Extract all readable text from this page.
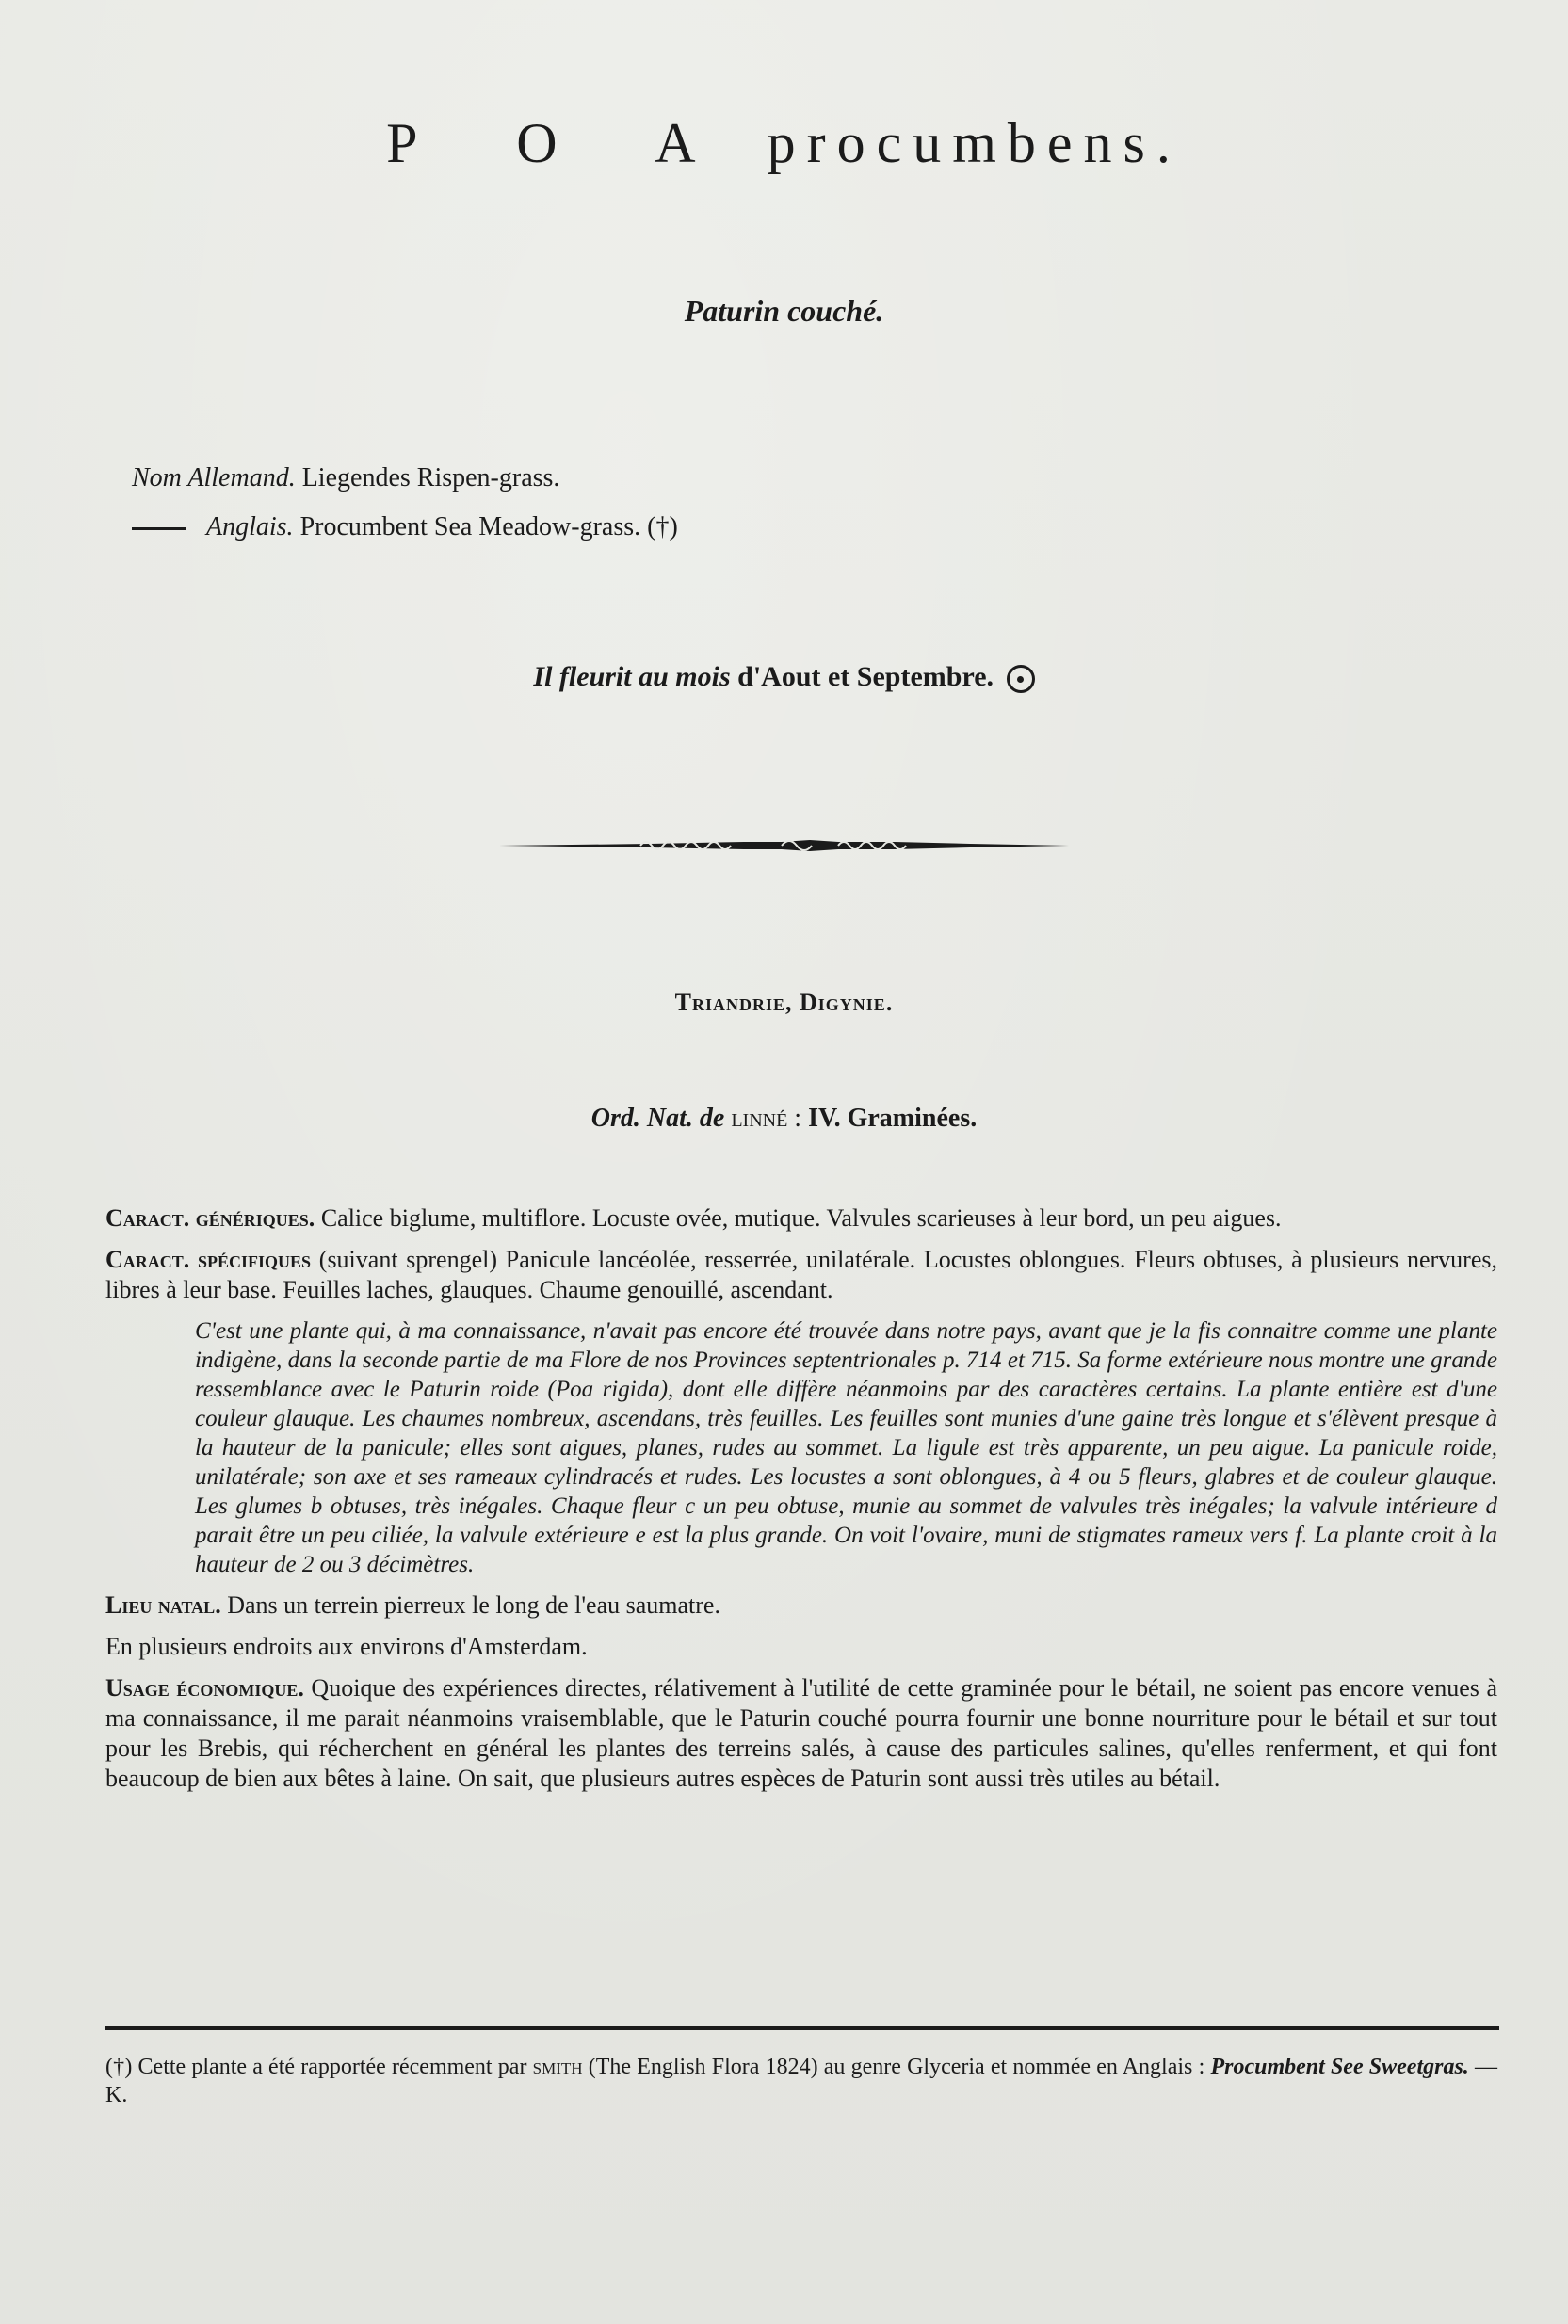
P O A procumbens.
Paturin couché.
Nom Allemand. Liegendes Rispen-grass.
Anglais. Procumbent Sea Meadow-grass. (†)
Il fleurit au mois d'Aout et Septembre.
Triandrie, Digynie.
Ord. Nat. de linné : IV. Graminées.

Caract. génériques. Calice biglume, multiflore. Locuste ovée, mutique. Valvules scarieuses à leur bord, un peu aigues.

Caract. spécifiques (suivant sprengel) Panicule lancéolée, resserrée, unilatérale. Locustes oblongues. Fleurs obtuses, à plusieurs nervures, libres à leur base. Feuilles laches, glauques. Chaume genouillé, ascendant.

C'est une plante qui, à ma connaissance, n'avait pas encore été trouvée dans notre pays, avant que je la fis connaitre comme une plante indigène, dans la seconde partie de ma Flore de nos Provinces septentrionales p. 714 et 715. Sa forme extérieure nous montre une grande ressemblance avec le Paturin roide (Poa rigida), dont elle diffère néanmoins par des caractères certains. La plante entière est d'une couleur glauque. Les chaumes nombreux, ascendans, très feuilles. Les feuilles sont munies d'une gaine très longue et s'élèvent presque à la hauteur de la panicule; elles sont aigues, planes, rudes au sommet. La ligule est très apparente, un peu aigue. La panicule roide, unilatérale; son axe et ses rameaux cylindracés et rudes. Les locustes a sont oblongues, à 4 ou 5 fleurs, glabres et de couleur glauque. Les glumes b obtuses, très inégales. Chaque fleur c un peu obtuse, munie au sommet de valvules très inégales; la valvule intérieure d parait être un peu ciliée, la valvule extérieure e est la plus grande. On voit l'ovaire, muni de stigmates rameux vers f. La plante croit à la hauteur de 2 ou 3 décimètres.

Lieu natal. Dans un terrein pierreux le long de l'eau saumatre.

En plusieurs endroits aux environs d'Amsterdam.

Usage économique. Quoique des expériences directes, rélativement à l'utilité de cette graminée pour le bétail, ne soient pas encore venues à ma connaissance, il me parait néanmoins vraisemblable, que le Paturin couché pourra fournir une bonne nourriture pour le bétail et sur tout pour les Brebis, qui récherchent en général les plantes des terreins salés, à cause des particules salines, qu'elles renferment, et qui font beaucoup de bien aux bêtes à laine. On sait, que plusieurs autres espèces de Paturin sont aussi très utiles au bétail.

(†) Cette plante a été rapportée récemment par smith (The English Flora 1824) au genre Glyceria et nommée en Anglais : Procumbent See Sweetgras. — K.
